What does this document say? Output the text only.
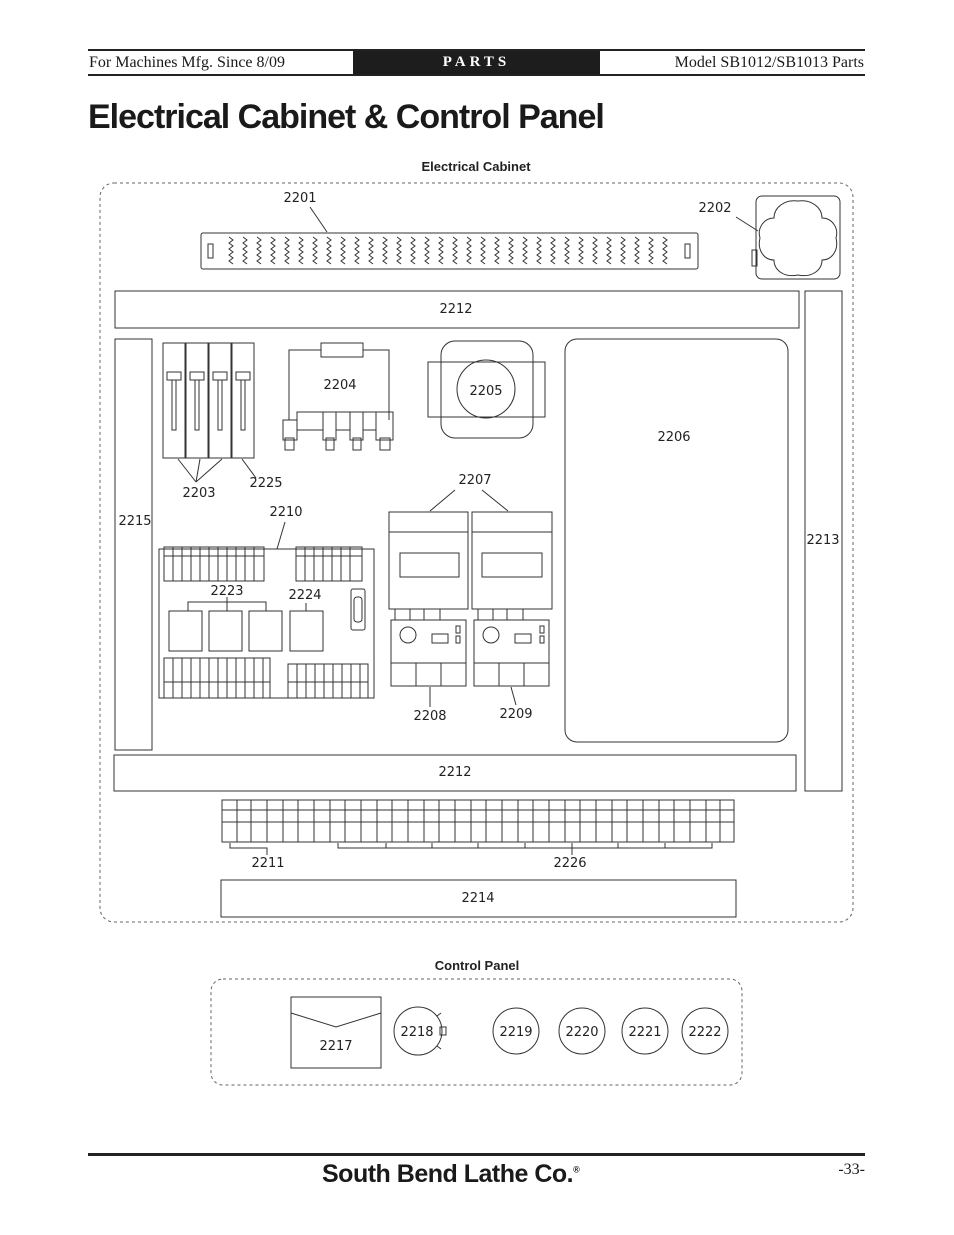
For Machines Mfg. Since 8/09	PARTS	Model SB1012/SB1013 Parts
Electrical Cabinet & Control Panel
Electrical Cabinet
2201
2202
2212
2204	2205
2206
2203
2225	2207
2210
2215
2213
2223	2224
2208	2209
2212
2211	2226
2214
Control Panel
2217
2218	2219	2220 2221 2222
South Bend Lathe Co.®	-33-
